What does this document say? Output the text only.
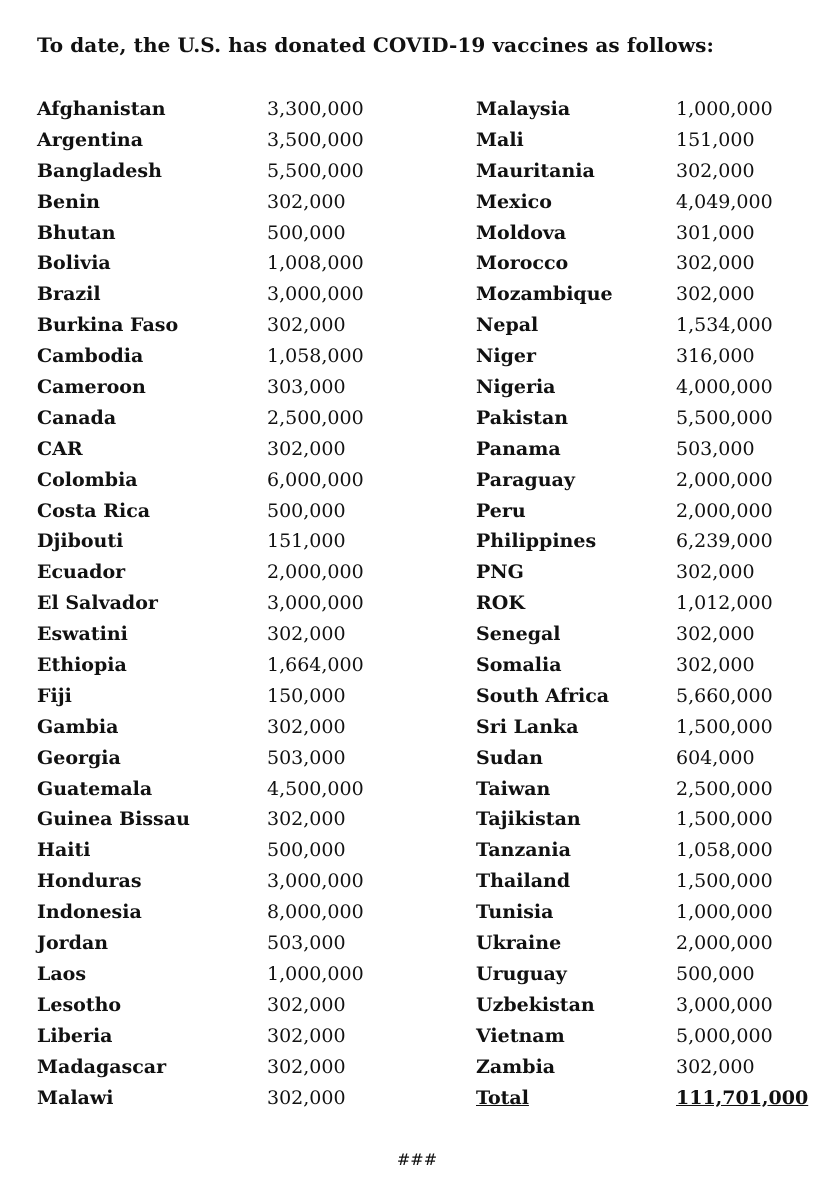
To date, the U.S. has donated COVID-19 vaccines as follows:
Afghanistan	3,300,000
Argentina	3,500,000
Bangladesh	5,500,000
Benin	302,000
Bhutan	500,000
Bolivia	1,008,000
Brazil	3,000,000
Burkina Faso	302,000
Cambodia	1,058,000
Cameroon	303,000
Canada	2,500,000
CAR	302,000
Colombia	6,000,000
Costa Rica	500,000
Djibouti	151,000
Ecuador	2,000,000
El Salvador	3,000,000
Eswatini	302,000
Ethiopia	1,664,000
Fiji	150,000
Gambia	302,000
Georgia	503,000
Guatemala	4,500,000
Guinea Bissau	302,000
Haiti	500,000
Honduras	3,000,000
Indonesia	8,000,000
Jordan	503,000
Laos	1,000,000
Lesotho	302,000
Liberia	302,000
Madagascar	302,000
Malawi	302,000
Malaysia	1,000,000
Mali	151,000
Mauritania	302,000
Mexico	4,049,000
Moldova	301,000
Morocco	302,000
Mozambique	302,000
Nepal	1,534,000
Niger	316,000
Nigeria	4,000,000
Pakistan	5,500,000
Panama	503,000
Paraguay	2,000,000
Peru	2,000,000
Philippines	6,239,000
PNG	302,000
ROK	1,012,000
Senegal	302,000
Somalia	302,000
South Africa	5,660,000
Sri Lanka	1,500,000
Sudan	604,000
Taiwan	2,500,000
Tajikistan	1,500,000
Tanzania	1,058,000
Thailand	1,500,000
Tunisia	1,000,000
Ukraine	2,000,000
Uruguay	500,000
Uzbekistan	3,000,000
Vietnam	5,000,000
Zambia	302,000
Total	111,701,000
###
